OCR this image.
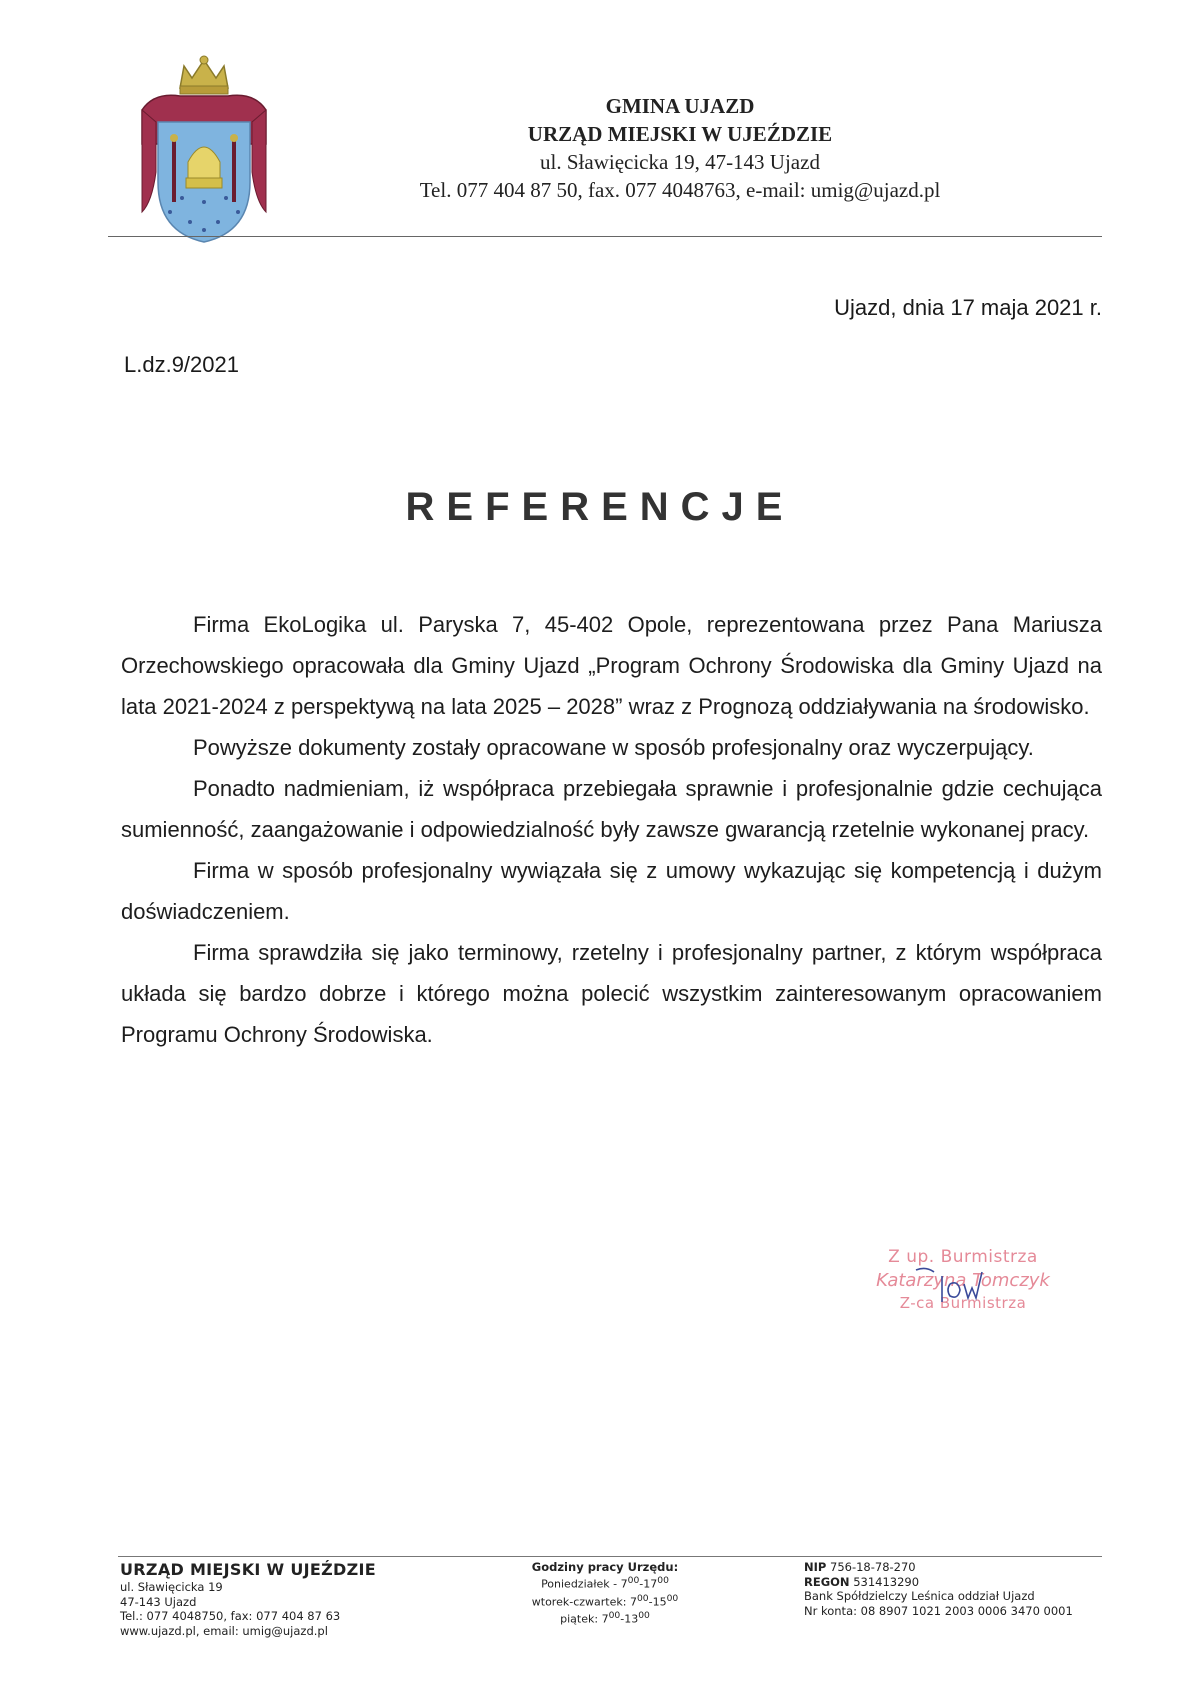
GMINA UJAZD
URZĄD MIEJSKI W UJEŹDZIE
ul. Sławięcicka 19, 47-143 Ujazd
Tel. 077 404 87 50, fax. 077 4048763, e-mail: umig@ujazd.pl
Ujazd, dnia 17 maja 2021 r.
L.dz.9/2021
REFERENCJE

Firma EkoLogika ul. Paryska 7, 45-402 Opole, reprezentowana przez Pana Mariusza Orzechowskiego opracowała dla Gminy Ujazd „Program Ochrony Środowiska dla Gminy Ujazd na lata 2021-2024 z perspektywą na lata 2025 – 2028” wraz z Prognozą oddziaływania na środowisko.

Powyższe dokumenty zostały opracowane w sposób profesjonalny oraz wyczerpujący.

Ponadto nadmieniam, iż współpraca przebiegała sprawnie i profesjonalnie gdzie cechująca sumienność, zaangażowanie i odpowiedzialność były zawsze gwarancją rzetelnie wykonanej pracy.

Firma w sposób profesjonalny wywiązała się z umowy wykazując się kompetencją i dużym doświadczeniem.

Firma sprawdziła się jako terminowy, rzetelny i profesjonalny partner, z którym współpraca układa się bardzo dobrze i którego można polecić wszystkim zainteresowanym opracowaniem Programu Ochrony Środowiska.

Z up. Burmistrza
Katarzyna Tomczyk
Z-ca Burmistrza
URZĄD MIEJSKI W UJEŹDZIE
ul. Sławięcicka 19
47-143 Ujazd
Tel.: 077 4048750, fax: 077 404 87 63
www.ujazd.pl, email: umig@ujazd.pl
Godziny pracy Urzędu:
Poniedziałek - $7^{00}-17^{00}$
wtorek-czwartek: $7^{00}-15^{00}$
piątek: $7^{00}-13^{00}$
NIP 756-18-78-270
REGON 531413290
Bank Spółdzielczy Leśnica oddział Ujazd
Nr konta: 08 8907 1021 2003 0006 3470 0001
